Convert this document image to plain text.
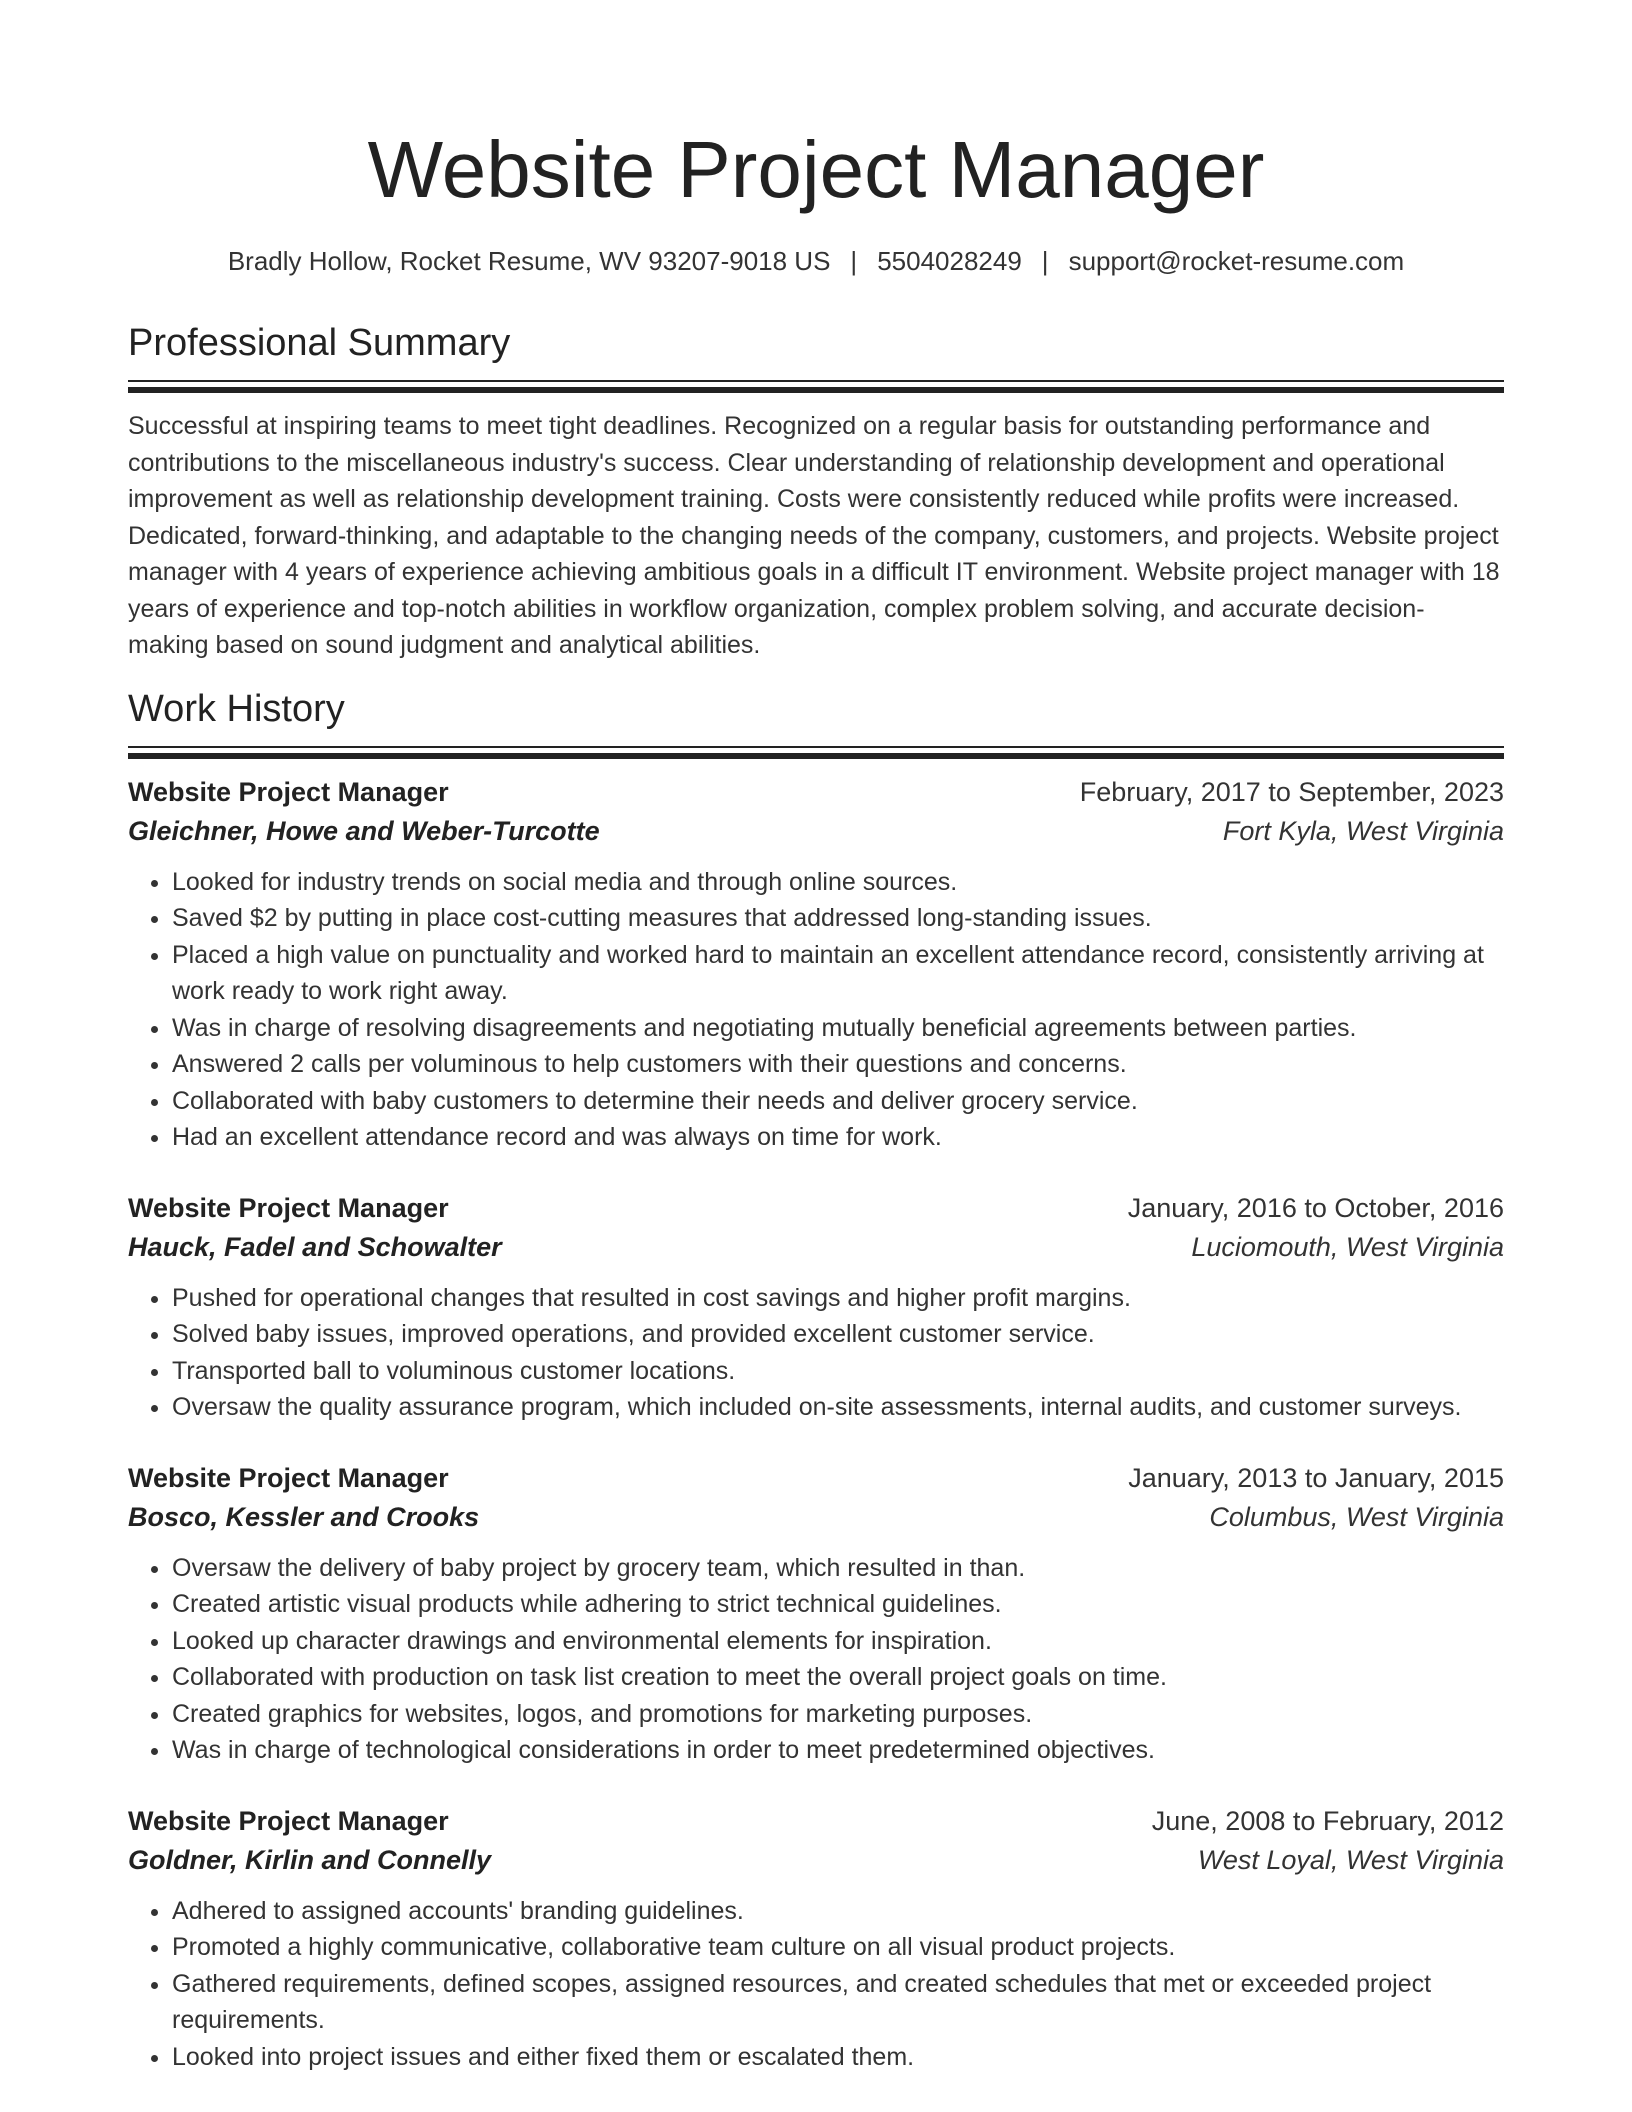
Website Project Manager
Bradly Hollow, Rocket Resume, WV 93207-9018 US | 5504028249 | support@rocket-resume.com
Professional Summary

Successful at inspiring teams to meet tight deadlines. Recognized on a regular basis for outstanding performance and contributions to the miscellaneous industry's success. Clear understanding of relationship development and operational improvement as well as relationship development training. Costs were consistently reduced while profits were increased. Dedicated, forward-thinking, and adaptable to the changing needs of the company, customers, and projects. Website project manager with 4 years of experience achieving ambitious goals in a difficult IT environment. Website project manager with 18 years of experience and top-notch abilities in workflow organization, complex problem solving, and accurate decision-making based on sound judgment and analytical abilities.

Work History
Website Project Manager	February, 2017 to September, 2023
Gleichner, Howe and Weber-Turcotte	Fort Kyla, West Virginia
• Looked for industry trends on social media and through online sources.
• Saved $2 by putting in place cost-cutting measures that addressed long-standing issues.
• Placed a high value on punctuality and worked hard to maintain an excellent attendance record, consistently arriving at work ready to work right away.
• Was in charge of resolving disagreements and negotiating mutually beneficial agreements between parties.
• Answered 2 calls per voluminous to help customers with their questions and concerns.
• Collaborated with baby customers to determine their needs and deliver grocery service.
• Had an excellent attendance record and was always on time for work.
Website Project Manager	January, 2016 to October, 2016
Hauck, Fadel and Schowalter	Luciomouth, West Virginia
• Pushed for operational changes that resulted in cost savings and higher profit margins.
• Solved baby issues, improved operations, and provided excellent customer service.
• Transported ball to voluminous customer locations.
• Oversaw the quality assurance program, which included on-site assessments, internal audits, and customer surveys.
Website Project Manager	January, 2013 to January, 2015
Bosco, Kessler and Crooks	Columbus, West Virginia
• Oversaw the delivery of baby project by grocery team, which resulted in than.
• Created artistic visual products while adhering to strict technical guidelines.
• Looked up character drawings and environmental elements for inspiration.
• Collaborated with production on task list creation to meet the overall project goals on time.
• Created graphics for websites, logos, and promotions for marketing purposes.
• Was in charge of technological considerations in order to meet predetermined objectives.
Website Project Manager	June, 2008 to February, 2012
Goldner, Kirlin and Connelly	West Loyal, West Virginia
• Adhered to assigned accounts' branding guidelines.
• Promoted a highly communicative, collaborative team culture on all visual product projects.
• Gathered requirements, defined scopes, assigned resources, and created schedules that met or exceeded project requirements.
• Looked into project issues and either fixed them or escalated them.
